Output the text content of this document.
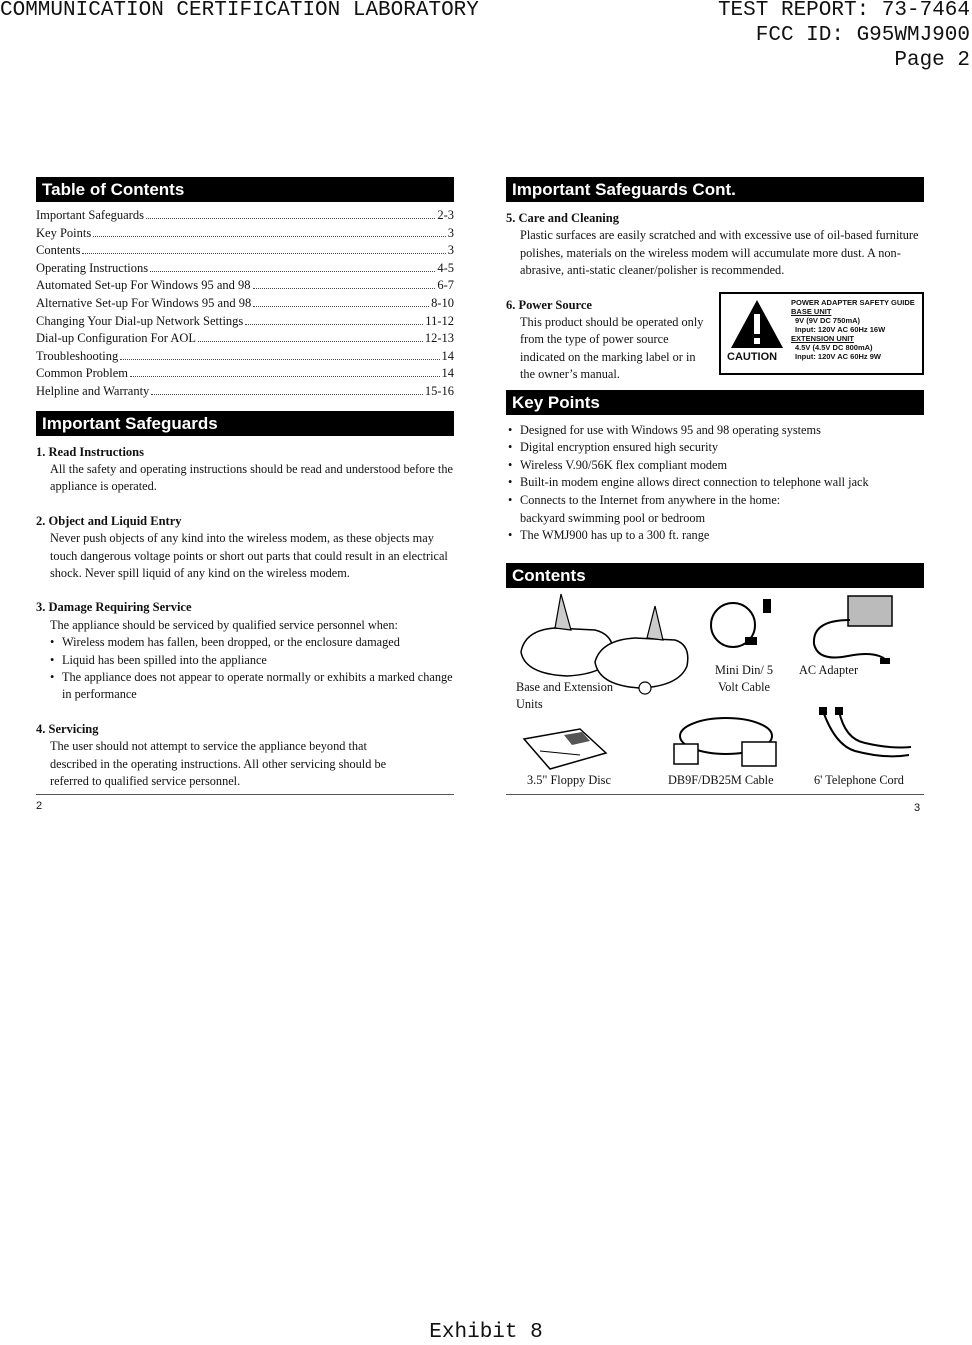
COMMUNICATION CERTIFICATION LABORATORY	TEST REPORT: 73-7464
FCC ID: G95WMJ900
Page 2
Table of Contents
Important Safeguards	2-3
Key Points	3
Contents	3
Operating Instructions	4-5
Automated Set-up For Windows 95 and 98	6-7
Alternative Set-up For Windows 95 and 98	8-10
Changing Your Dial-up Network Settings	11-12
Dial-up Configuration For AOL	12-13
Troubleshooting	14
Common Problem	14
Helpline and Warranty	15-16
Important Safeguards
1. Read Instructions
All the safety and operating instructions should be read and understood before the appliance is operated.
2. Object and Liquid Entry
Never push objects of any kind into the wireless modem, as these objects may touch dangerous voltage points or short out parts that could result in an electrical shock. Never spill liquid of any kind on the wireless modem.
3. Damage Requiring Service
The appliance should be serviced by qualified service personnel when:
• Wireless modem has fallen, been dropped, or the enclosure damaged
• Liquid has been spilled into the appliance
• The appliance does not appear to operate normally or exhibits a marked change in performance
4. Servicing
The user should not attempt to service the appliance beyond that described in the operating instructions. All other servicing should be referred to qualified service personnel.
2
Important Safeguards Cont.
5. Care and Cleaning
Plastic surfaces are easily scratched and with excessive use of oil-based furniture polishes, materials on the wireless modem will accumulate more dust. A non-abrasive, anti-static cleaner/polisher is recommended.
6. Power Source
This product should be operated only from the type of power source indicated on the marking label or in the owner’s manual.
Key Points
• Designed for use with Windows 95 and 98 operating systems
• Digital encryption ensured high security
• Wireless V.90/56K flex compliant modem
• Built-in modem engine allows direct connection to telephone wall jack
• Connects to the Internet from anywhere in the home: backyard swimming pool or bedroom
• The WMJ900 has up to a 300 ft. range
Contents
CAUTION
POWER ADAPTER SAFETY GUIDE
BASE UNIT
9V (9V DC 750mA)
Input: 120V AC 60Hz 16W
EXTENSION UNIT
4.5V (4.5V DC 800mA)
Input: 120V AC 60Hz 9W
Base and Extension Units
Mini Din/ 5 Volt Cable
AC Adapter
3.5" Floppy Disc	DB9F/DB25M Cable	6' Telephone Cord
3
Exhibit 8
